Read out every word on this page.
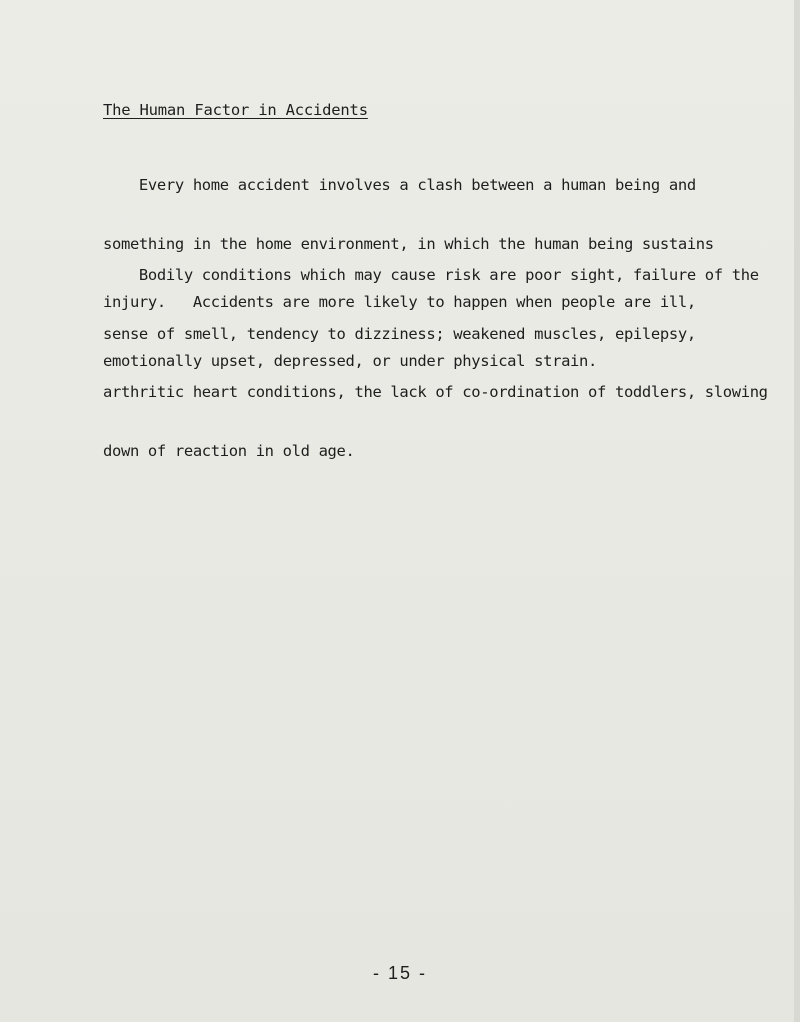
The Human Factor in Accidents

Every home accident involves a clash between a human being and

something in the home environment, in which the human being sustains

injury.   Accidents are more likely to happen when people are ill,

emotionally upset, depressed, or under physical strain.

Bodily conditions which may cause risk are poor sight, failure of the

sense of smell, tendency to dizziness; weakened muscles, epilepsy,

arthritic heart conditions, the lack of co-ordination of toddlers, slowing

down of reaction in old age.

- 15 -
